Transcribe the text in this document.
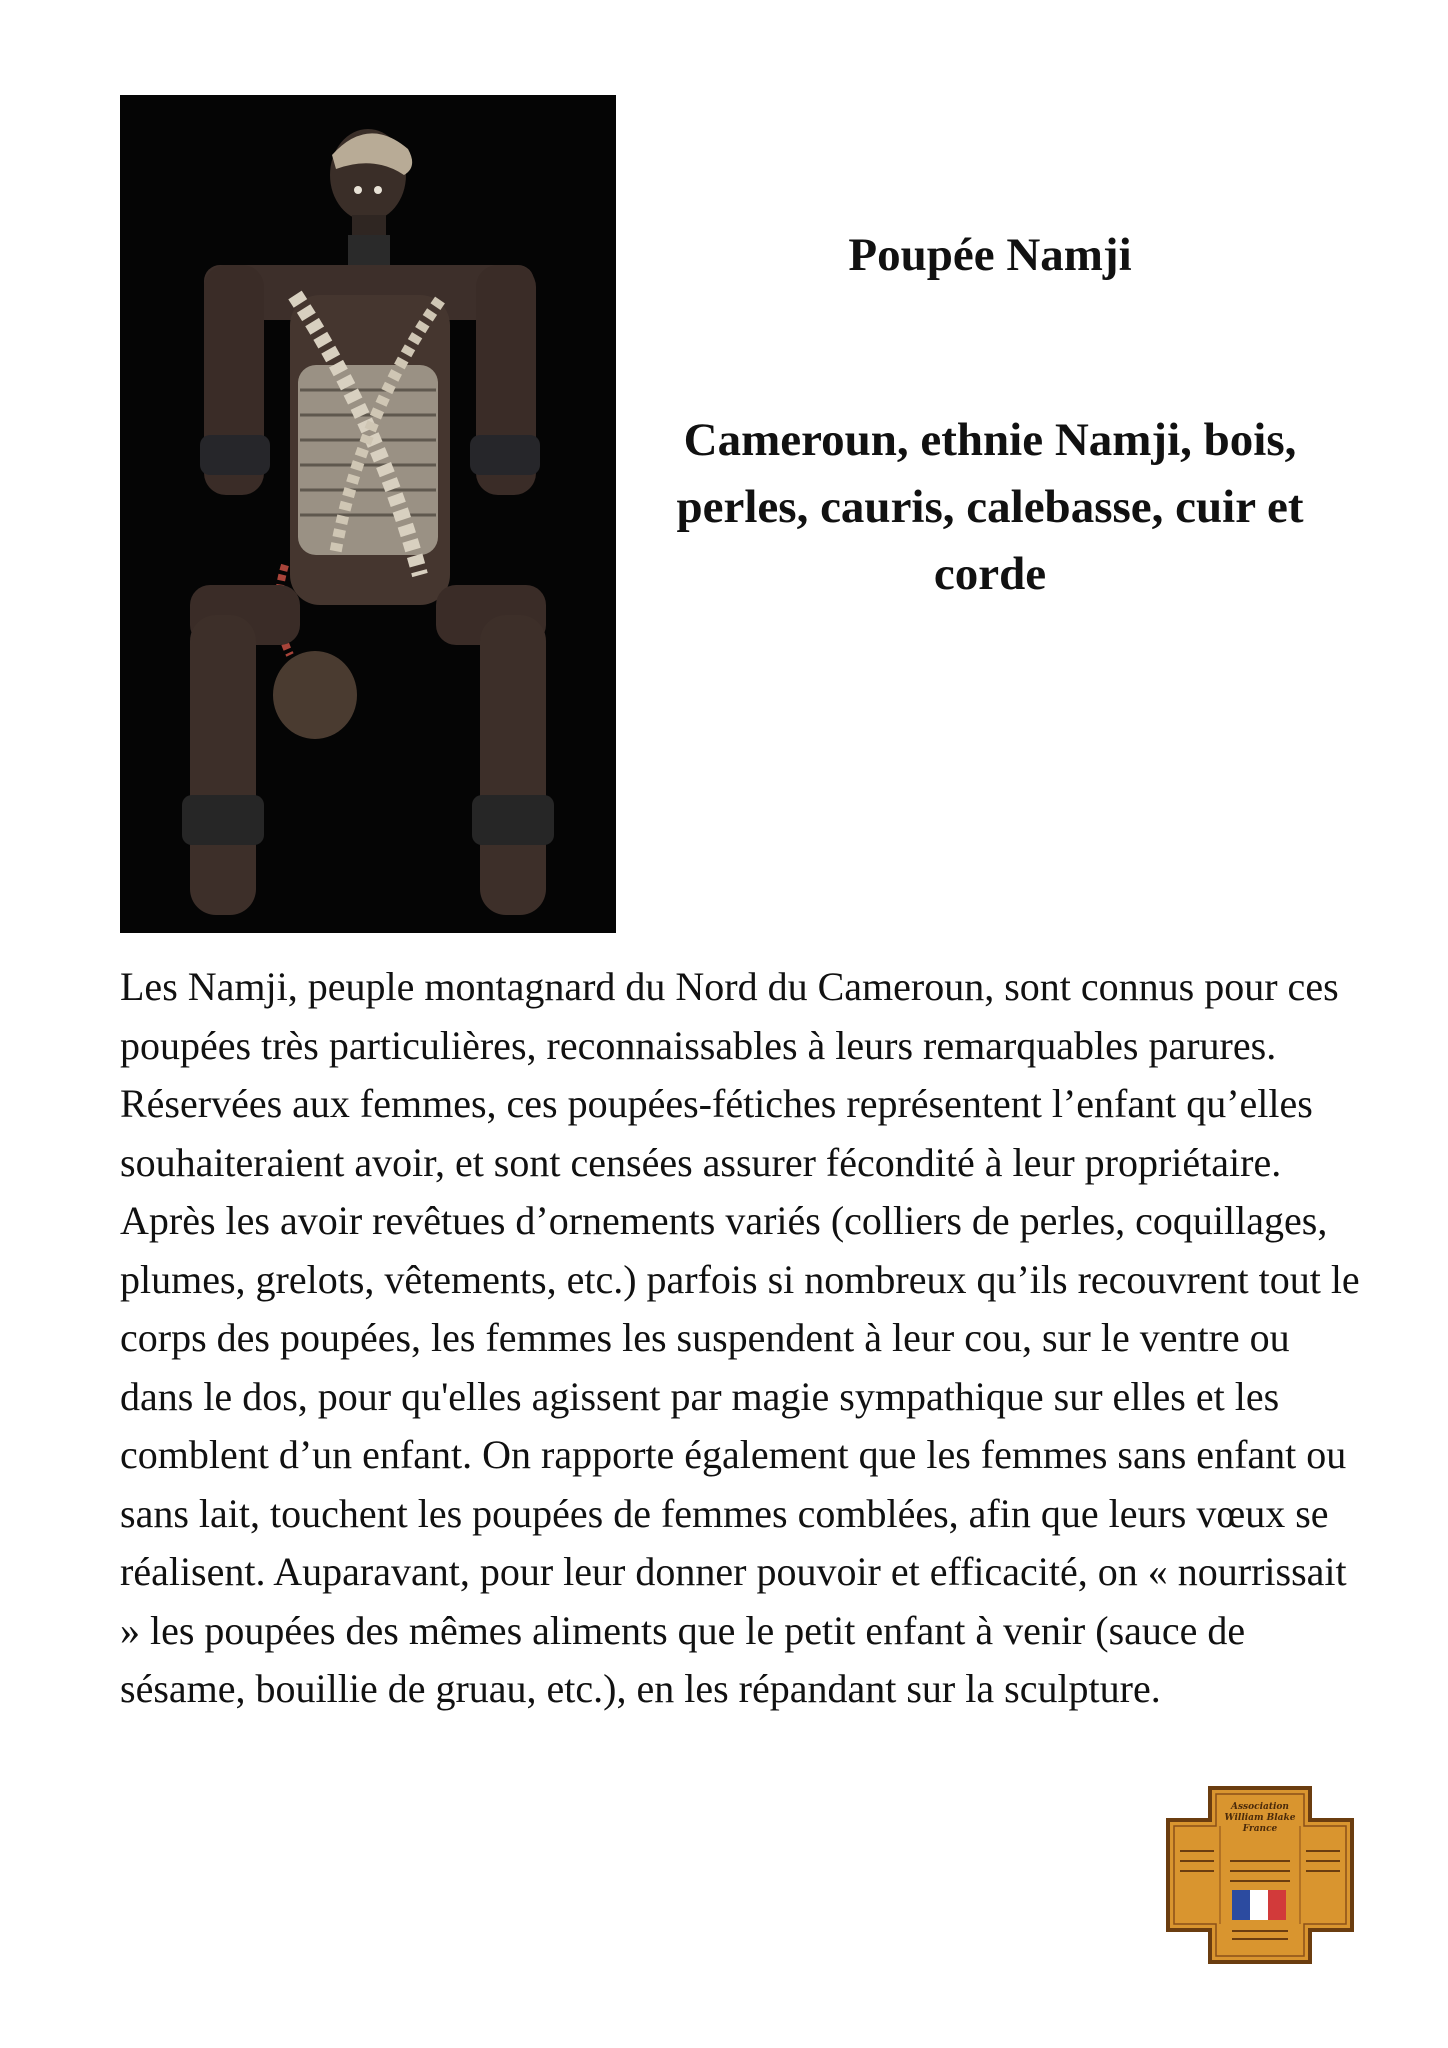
Poupée Namji
Cameroun, ethnie Namji, bois, perles, cauris, calebasse, cuir et corde

Les Namji, peuple montagnard du Nord du Cameroun, sont connus pour ces poupées très particulières, reconnaissables à leurs remarquables parures. Réservées aux femmes, ces poupées-fétiches représentent l’enfant qu’elles souhaiteraient avoir, et sont censées assurer fécondité à leur propriétaire. Après les avoir revêtues d’ornements variés (colliers de perles, coquillages, plumes, grelots, vêtements, etc.) parfois si nombreux qu’ils recouvrent tout le corps des poupées, les femmes les suspendent à leur cou, sur le ventre ou dans le dos, pour qu'elles agissent par magie sympathique sur elles et les comblent d’un enfant. On rapporte également que les femmes sans enfant ou sans lait, touchent les poupées de femmes comblées, afin que leurs vœux se réalisent. Auparavant, pour leur donner pouvoir et efficacité, on « nourrissait » les poupées des mêmes aliments que le petit enfant à venir (sauce de sésame, bouillie de gruau, etc.), en les répandant sur la sculpture.

Association
William Blake
France
